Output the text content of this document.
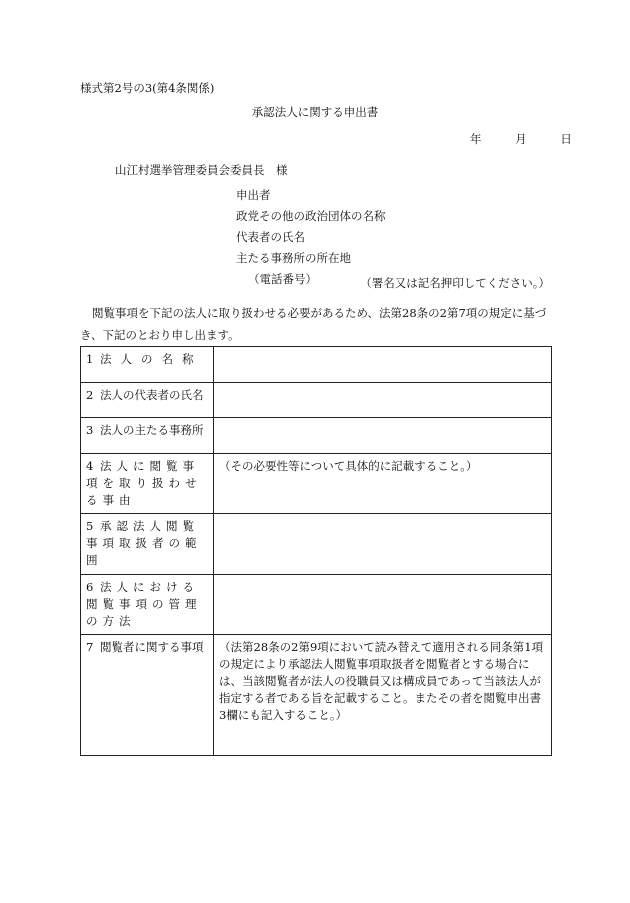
様式第2号の3(第4条関係)
承認法人に関する申出書
年	月	日
山江村選挙管理委員会委員長　様
申出者
政党その他の政治団体の名称
代表者の氏名
主たる事務所の所在地
（電話番号）	（署名又は記名押印してください。）
閲覧事項を下記の法人に取り扱わせる必要があるため、法第28条の2第7項の規定に基づき、下記のとおり申し出ます。
1 法人の名称	
2 法人の代表者の氏名	
3 法人の主たる事務所	
4 法人に閲覧事項を取り扱わせる事由	（その必要性等について具体的に記載すること。）
5 承認法人閲覧事項取扱者の範囲	
6 法人における閲覧事項の管理の方法	
7 閲覧者に関する事項	（法第28条の2第9項において読み替えて適用される同条第1項の規定により承認法人閲覧事項取扱者を閲覧者とする場合には、当該閲覧者が法人の役職員又は構成員であって当該法人が指定する者である旨を記載すること。またその者を閲覧申出書3欄にも記入すること。）
